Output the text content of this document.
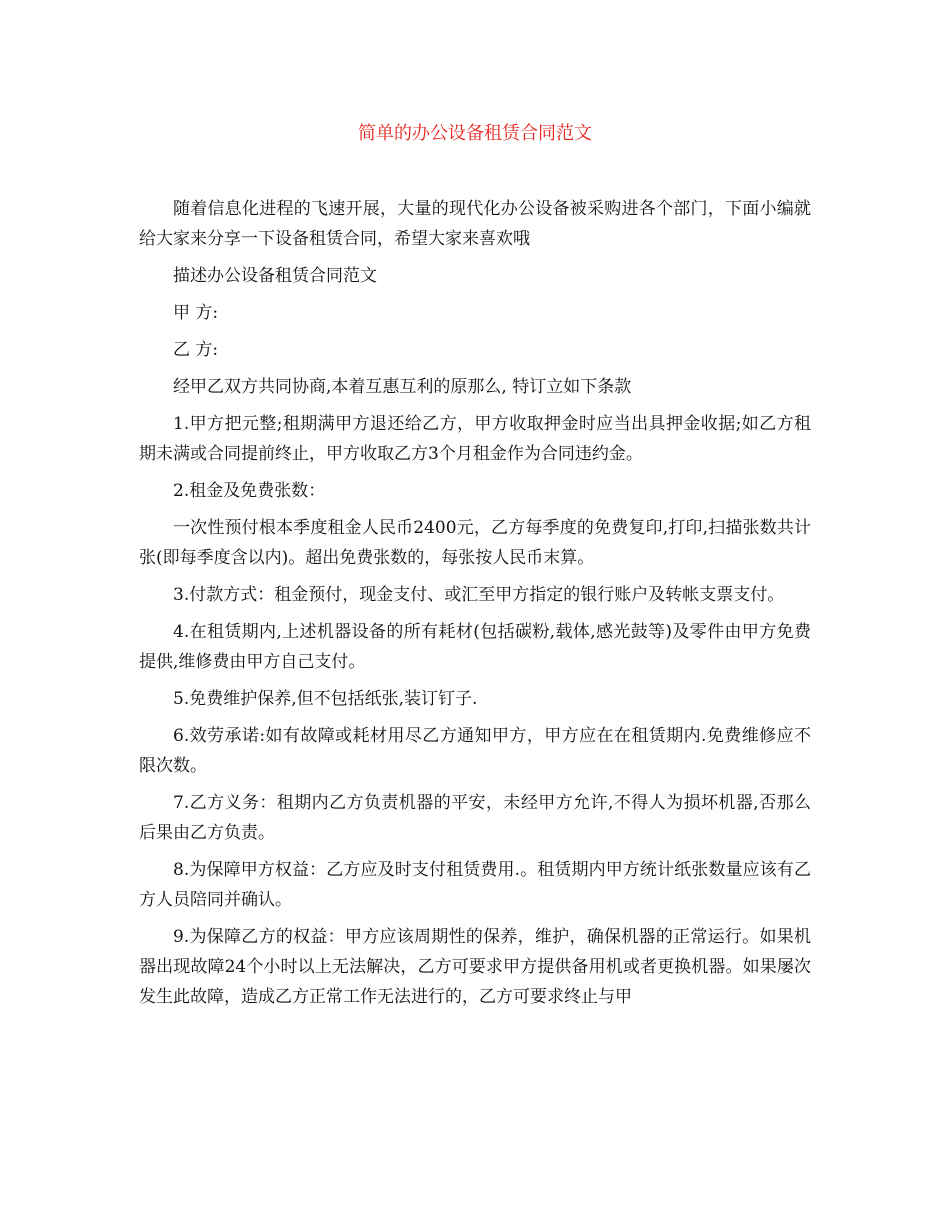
简单的办公设备租赁合同范文

随着信息化进程的飞速开展，大量的现代化办公设备被采购进各个部门，下面小编就给大家来分享一下设备租赁合同，希望大家来喜欢哦

描述办公设备租赁合同范文

甲 方:

乙 方:

经甲乙双方共同协商,本着互惠互利的原那么, 特订立如下条款

1.甲方把元整;租期满甲方退还给乙方，甲方收取押金时应当出具押金收据;如乙方租期未满或合同提前终止，甲方收取乙方3个月租金作为合同违约金。

2.租金及免费张数：

一次性预付根本季度租金人民币2400元，乙方每季度的免费复印,打印,扫描张数共计张(即每季度含以内)。超出免费张数的，每张按人民币末算。

3.付款方式：租金预付，现金支付、或汇至甲方指定的银行账户及转帐支票支付。

4.在租赁期内,上述机器设备的所有耗材(包括碳粉,载体,感光鼓等)及零件由甲方免费提供,维修费由甲方自己支付。

5.免费维护保养,但不包括纸张,装订钉子.

6.效劳承诺:如有故障或耗材用尽乙方通知甲方，甲方应在在租赁期内.免费维修应不限次数。

7.乙方义务：租期内乙方负责机器的平安，未经甲方允许,不得人为损坏机器,否那么后果由乙方负责。

8.为保障甲方权益：乙方应及时支付租赁费用.。租赁期内甲方统计纸张数量应该有乙方人员陪同并确认。

9.为保障乙方的权益：甲方应该周期性的保养，维护，确保机器的正常运行。如果机器出现故障24个小时以上无法解决，乙方可要求甲方提供备用机或者更换机器。如果屡次发生此故障，造成乙方正常工作无法进行的，乙方可要求终止与甲
